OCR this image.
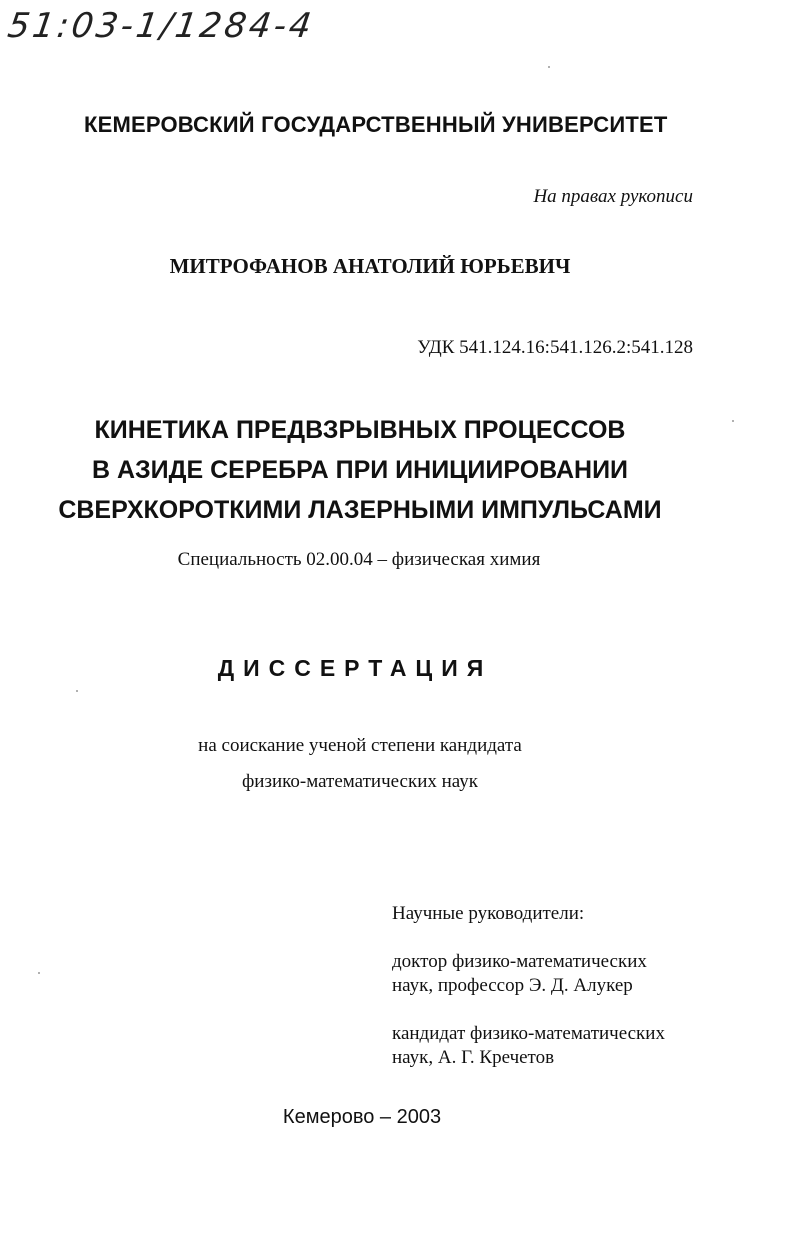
51:03-1/1284-4
КЕМЕРОВСКИЙ ГОСУДАРСТВЕННЫЙ УНИВЕРСИТЕТ
На правах рукописи
МИТРОФАНОВ АНАТОЛИЙ ЮРЬЕВИЧ
УДК 541.124.16:541.126.2:541.128
КИНЕТИКА ПРЕДВЗРЫВНЫХ ПРОЦЕССОВ
В АЗИДЕ СЕРЕБРА ПРИ ИНИЦИИРОВАНИИ
СВЕРХКОРОТКИМИ ЛАЗЕРНЫМИ ИМПУЛЬСАМИ
Специальность 02.00.04 – физическая химия
ДИССЕРТАЦИЯ
на соискание ученой степени кандидата
физико-математических наук
Научные руководители:
доктор физико-математических
наук, профессор Э. Д. Алукер
кандидат физико-математических
наук, А. Г. Кречетов
Кемерово – 2003
